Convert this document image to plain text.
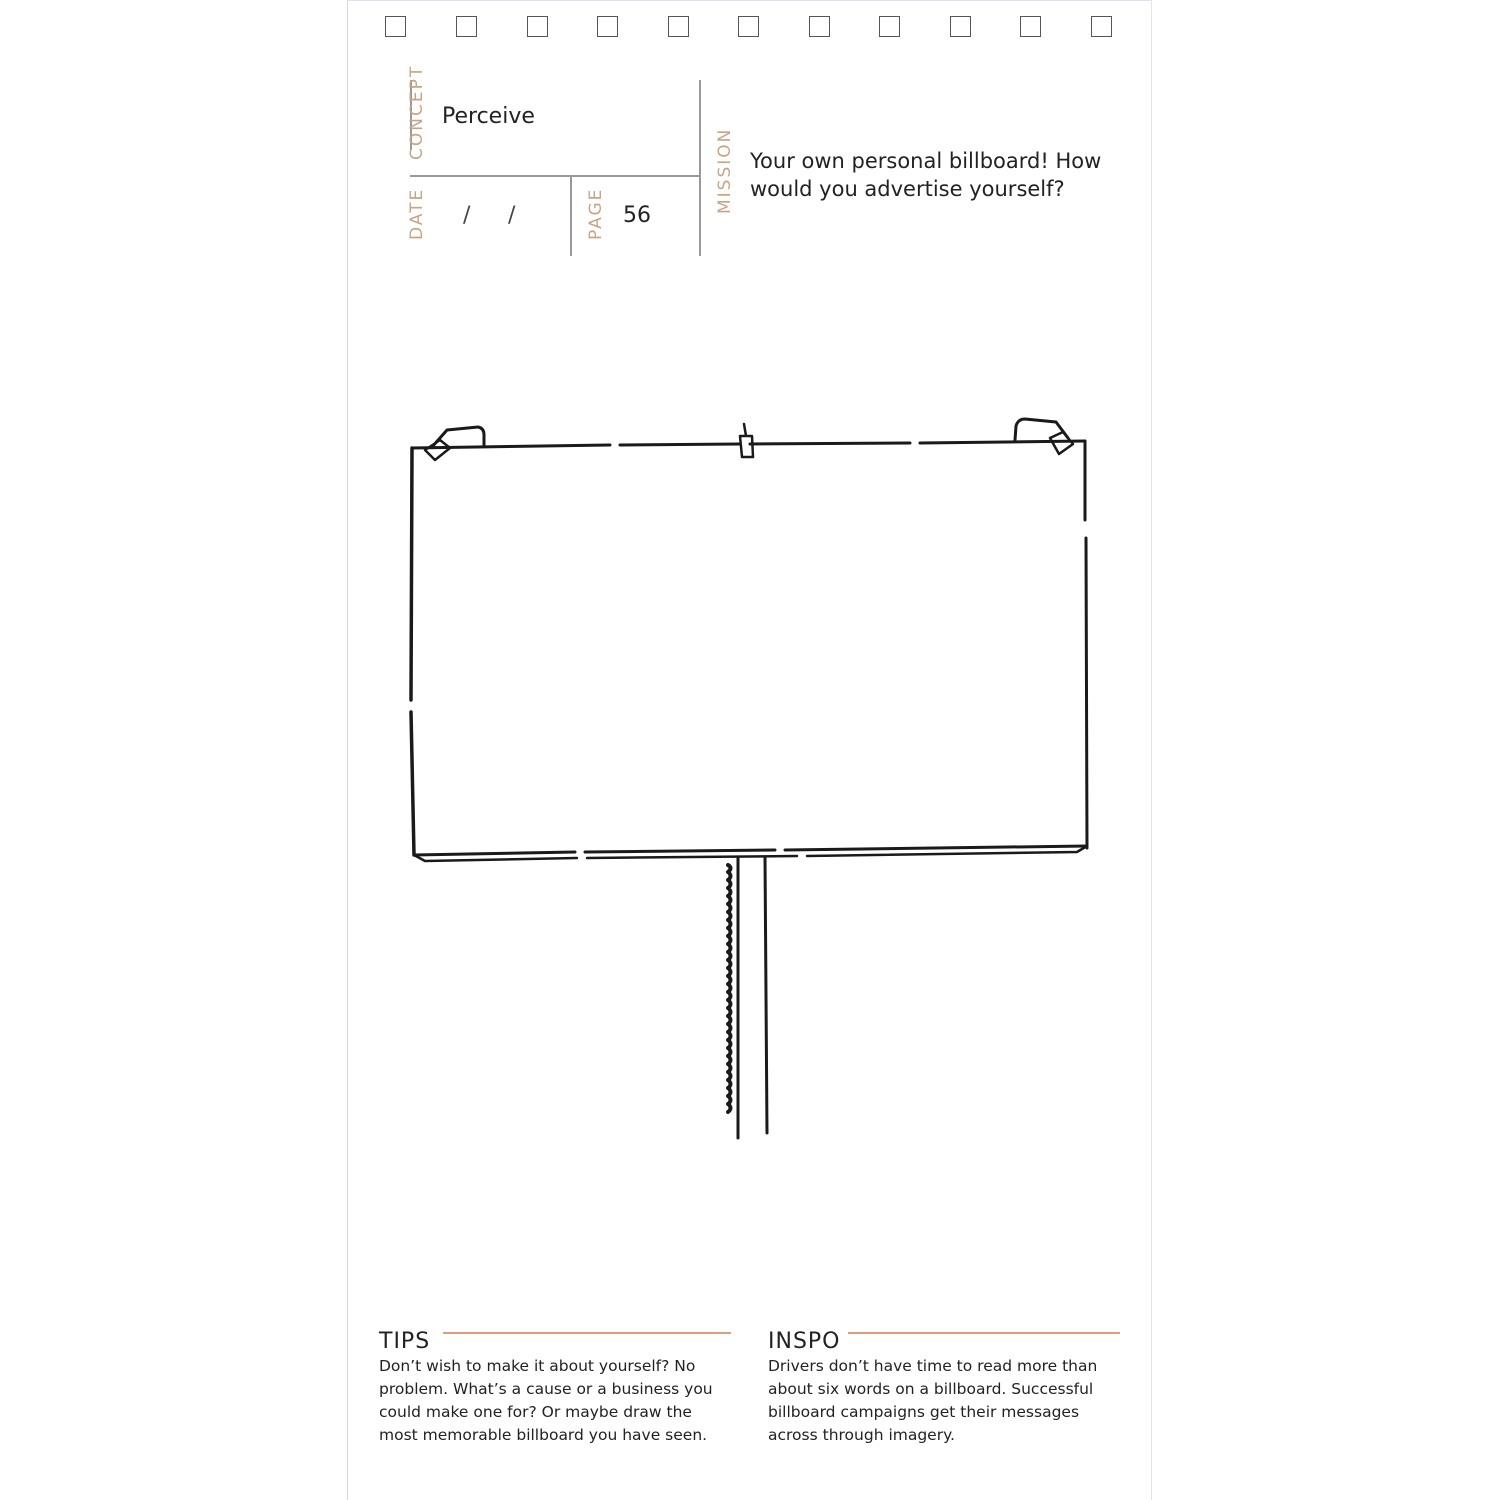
CONCEPT Perceive
DATE / /	PAGE 56
MISSION Your own personal billboard! How would you advertise yourself?
TIPS
Don’t wish to make it about yourself? No problem. What’s a cause or a business you could make one for? Or maybe draw the most memorable billboard you have seen.
INSPO
Drivers don’t have time to read more than about six words on a billboard. Successful billboard campaigns get their messages across through imagery.
